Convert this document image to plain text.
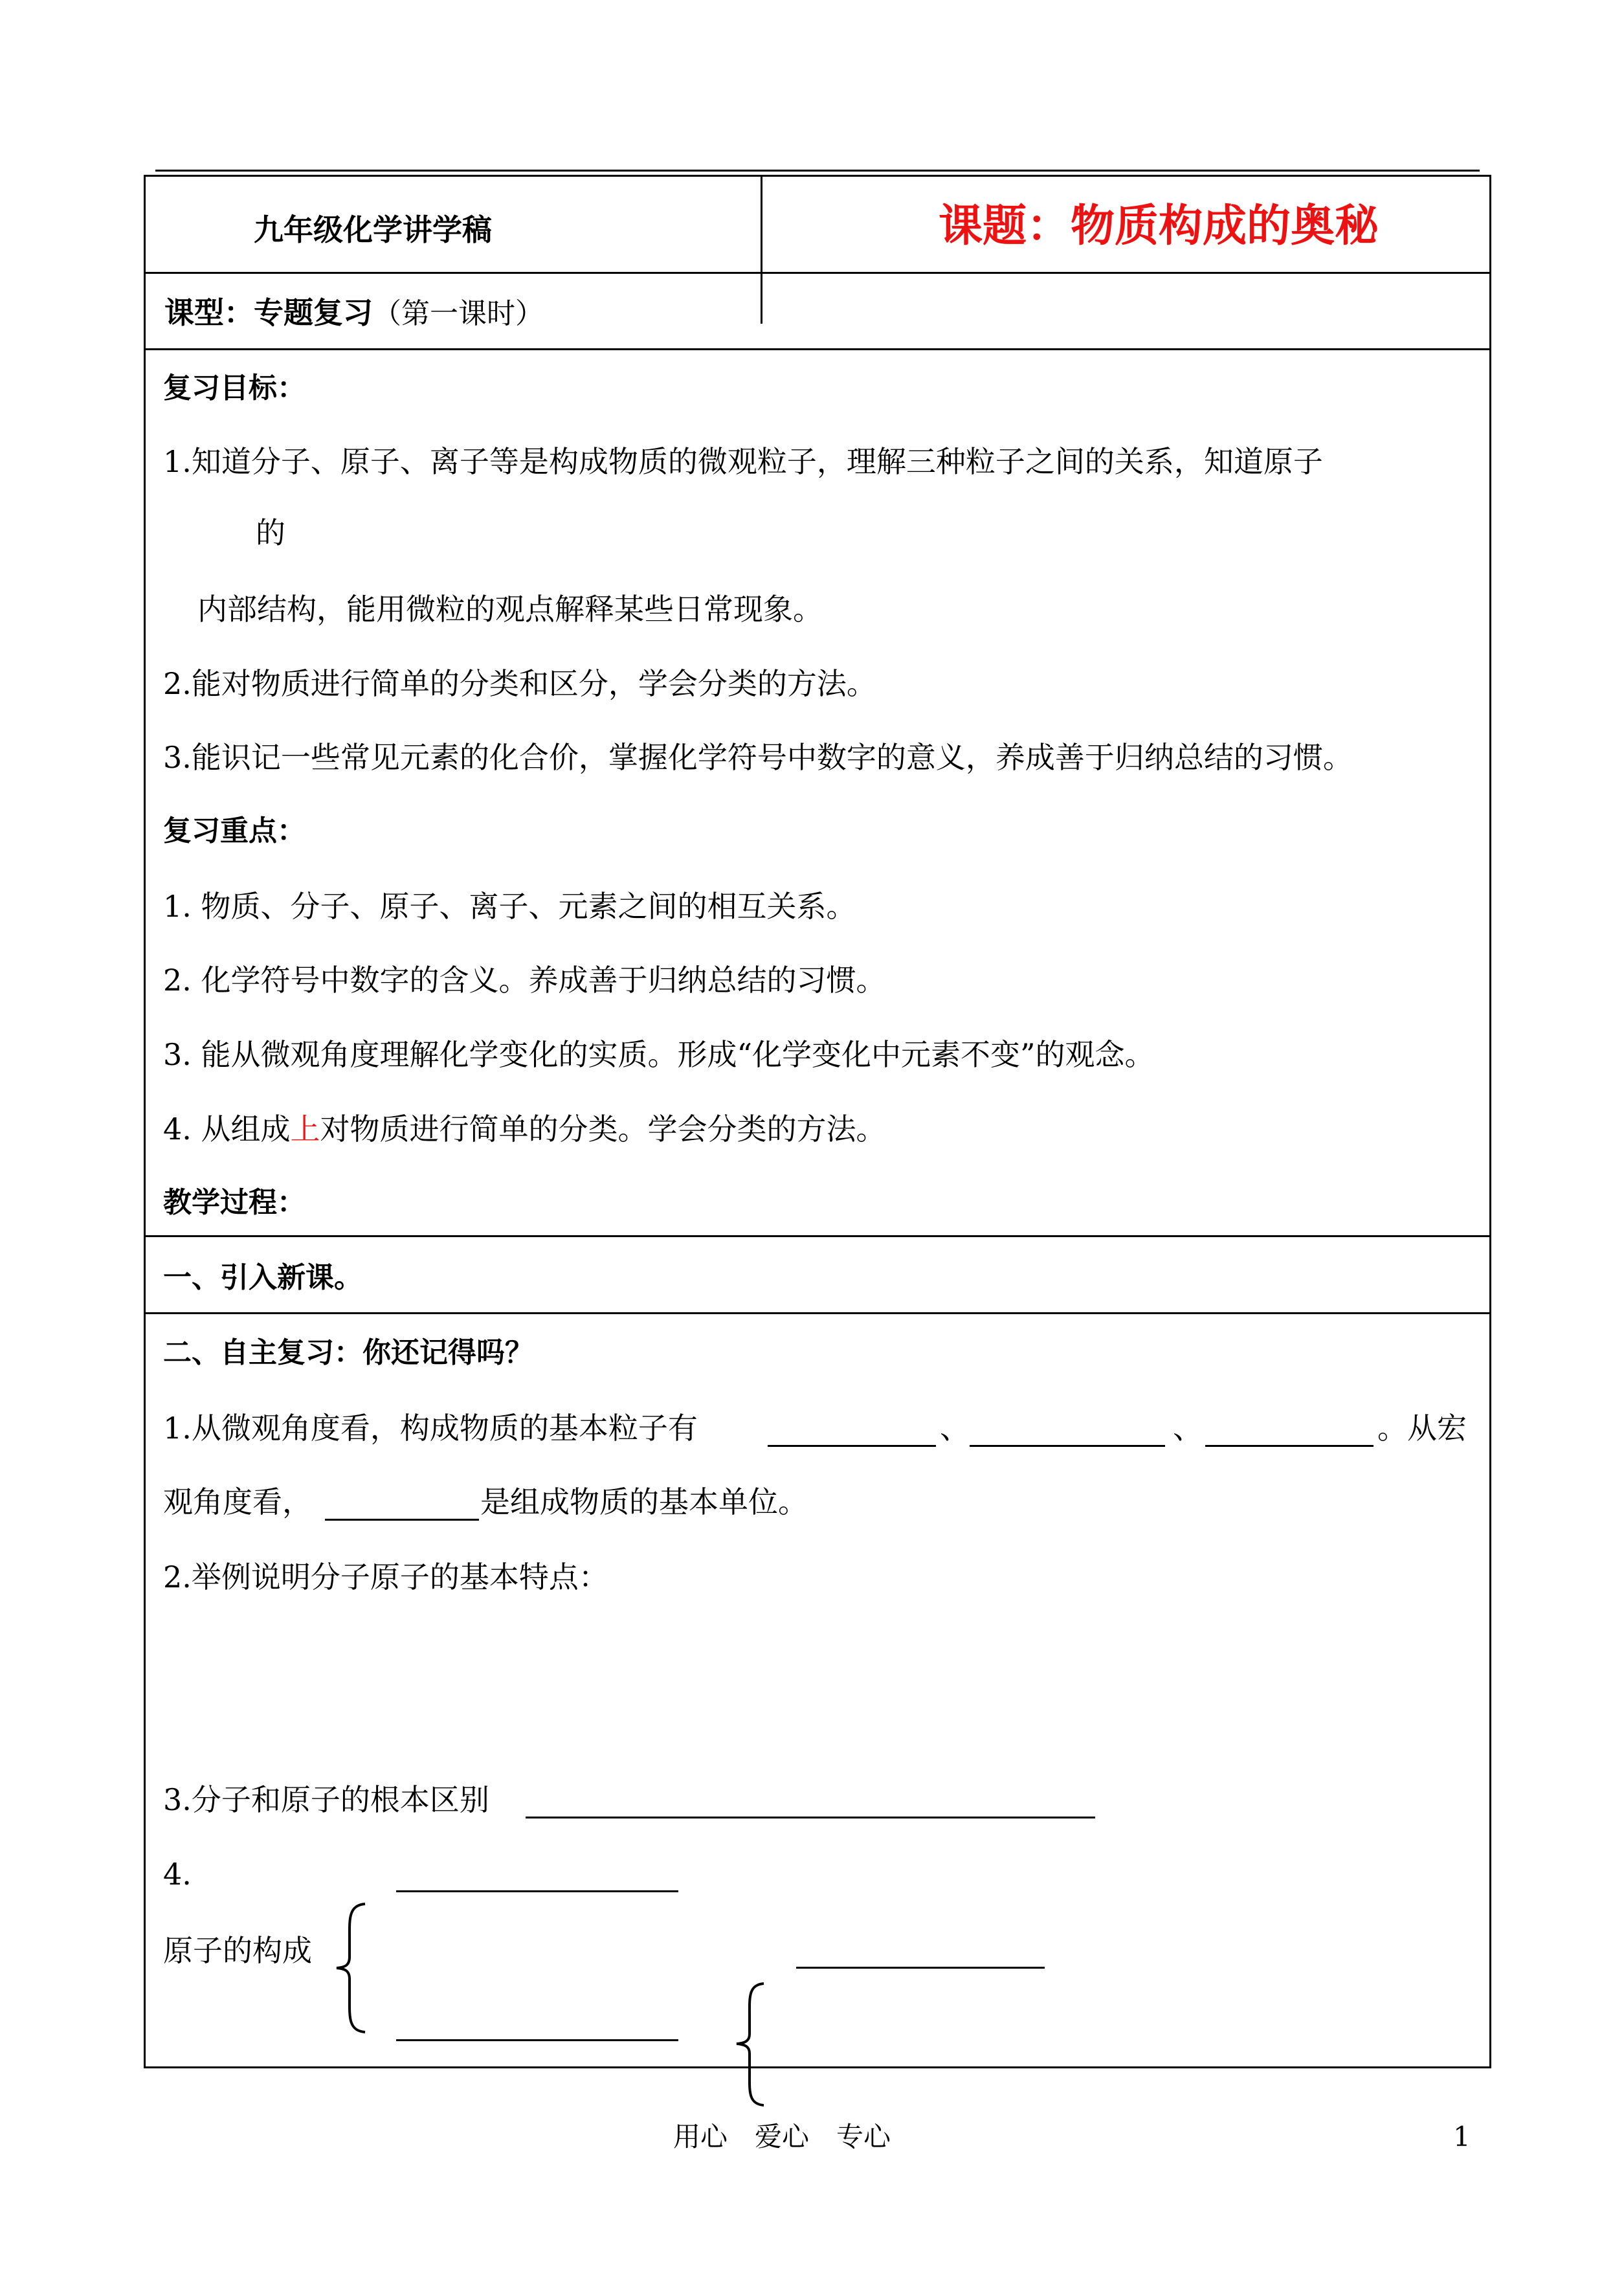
九年级化学讲学稿	课题：物质构成的奥秘
课型：专题复习（第一课时）
复习目标：
1.知道分子、原子、离子等是构成物质的微观粒子，理解三种粒子之间的关系，知道原子
的
内部结构，能用微粒的观点解释某些日常现象。
2.能对物质进行简单的分类和区分，学会分类的方法。
3.能识记一些常见元素的化合价，掌握化学符号中数字的意义，养成善于归纳总结的习惯。
复习重点：
1. 物质、分子、原子、离子、元素之间的相互关系。
2. 化学符号中数字的含义。养成善于归纳总结的习惯。
3. 能从微观角度理解化学变化的实质。形成“化学变化中元素不变”的观念。
4. 从组成上对物质进行简单的分类。学会分类的方法。
教学过程：
一、引入新课。
二、自主复习：你还记得吗？
1.从微观角度看，构成物质的基本粒子有	、	、	。从宏
观角度看，	是组成物质的基本单位。
2.举例说明分子原子的基本特点：
3.分子和原子的根本区别
4.
原子的构成
用心　爱心　专心	1
